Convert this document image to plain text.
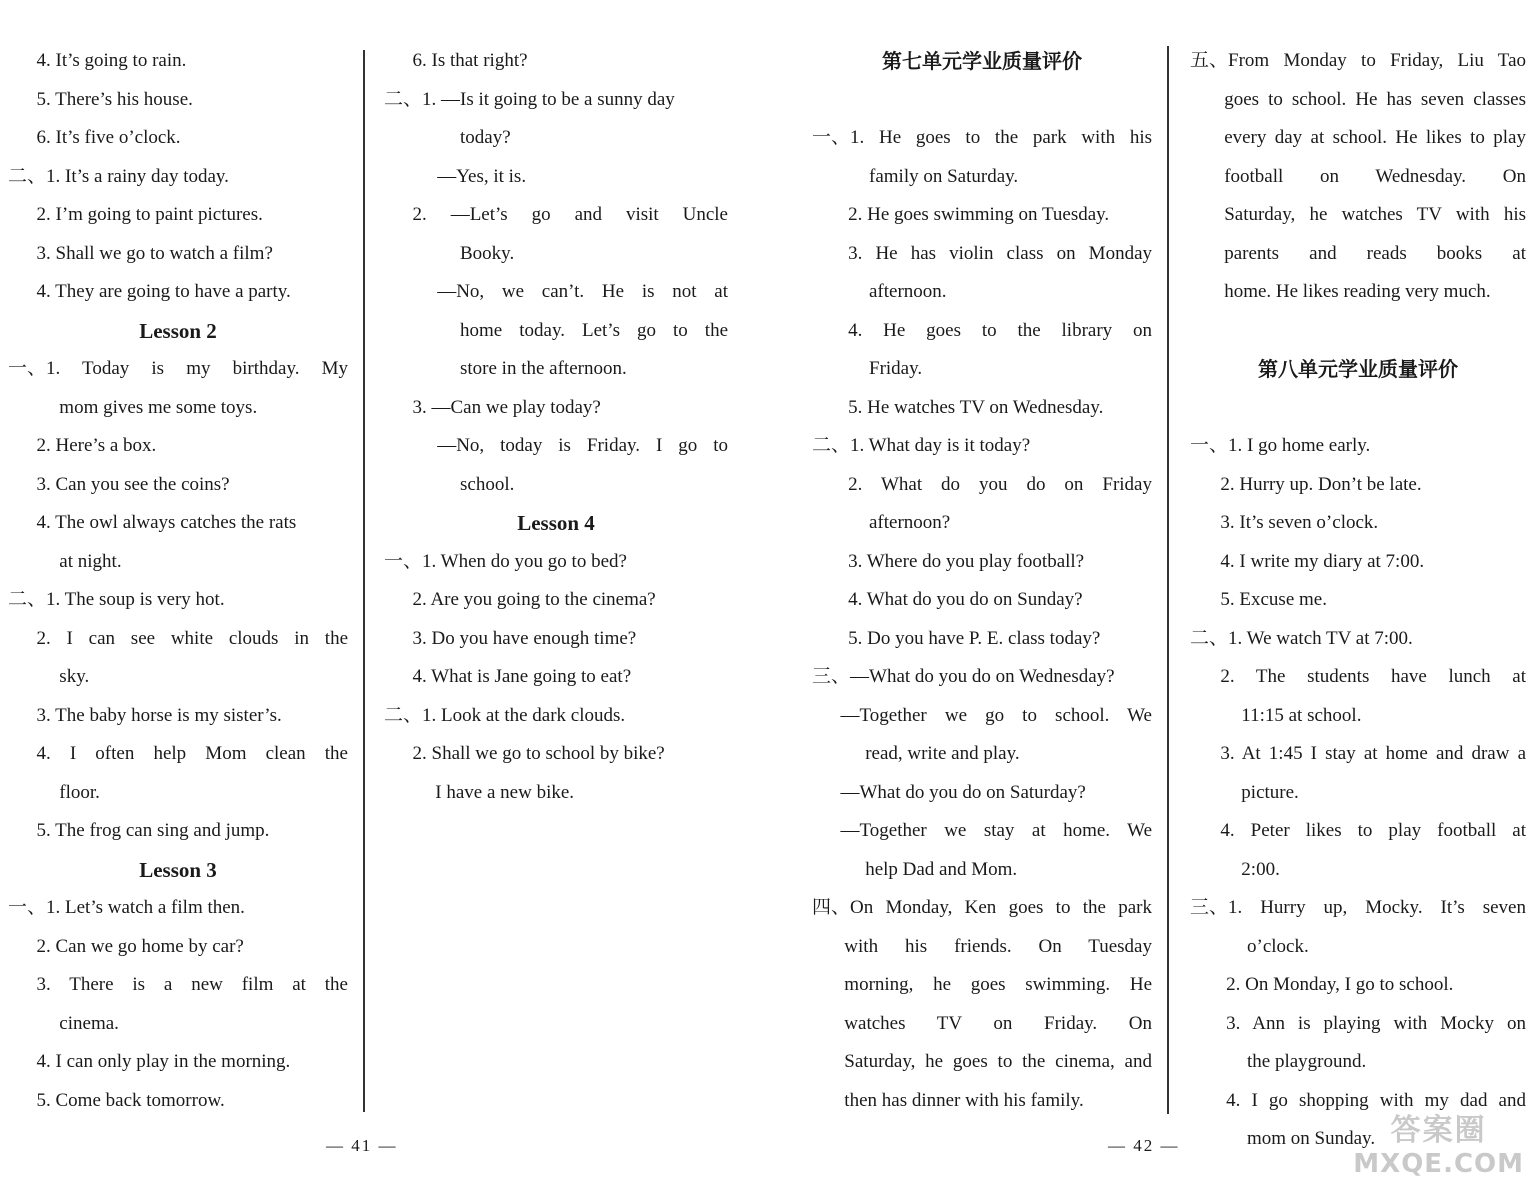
4. It’s going to rain.
5. There’s his house.
6. It’s five o’clock.
二、1. It’s a rainy day today.
2. I’m going to paint pictures.
3. Shall we go to watch a film?
4. They are going to have a party.
Lesson 2
一、1. Today is my birthday. My
mom gives me some toys.
2. Here’s a box.
3. Can you see the coins?
4. The owl always catches the rats
at night.
二、1. The soup is very hot.
2. I can see white clouds in the
sky.
3. The baby horse is my sister’s.
4. I often help Mom clean the
floor.
5. The frog can sing and jump.
Lesson 3
一、1. Let’s watch a film then.
2. Can we go home by car?
3. There is a new film at the
cinema.
4. I can only play in the morning.
5. Come back tomorrow.
6. Is that right?
二、1. —Is it going to be a sunny day
today?
—Yes, it is.
2. —Let’s go and visit Uncle
Booky.
—No, we can’t. He is not at
home today. Let’s go to the
store in the afternoon.
3. —Can we play today?
—No, today is Friday. I go to
school.
Lesson 4
一、1. When do you go to bed?
2. Are you going to the cinema?
3. Do you have enough time?
4. What is Jane going to eat?
二、1. Look at the dark clouds.
2. Shall we go to school by bike?
I have a new bike.
第七单元学业质量评价
一、1. He goes to the park with his
family on Saturday.
2. He goes swimming on Tuesday.
3. He has violin class on Monday
afternoon.
4. He goes to the library on
Friday.
5. He watches TV on Wednesday.
二、1. What day is it today?
2. What do you do on Friday
afternoon?
3. Where do you play football?
4. What do you do on Sunday?
5. Do you have P. E. class today?
三、—What do you do on Wednesday?
—Together we go to school. We
read, write and play.
—What do you do on Saturday?
—Together we stay at home. We
help Dad and Mom.
四、On Monday, Ken goes to the park
with his friends. On Tuesday
morning, he goes swimming. He
watches TV on Friday. On
Saturday, he goes to the cinema, and
then has dinner with his family.
五、From Monday to Friday, Liu Tao
goes to school. He has seven classes
every day at school. He likes to play
football on Wednesday. On
Saturday, he watches TV with his
parents and reads books at
home. He likes reading very much.
第八单元学业质量评价
一、1. I go home early.
2. Hurry up. Don’t be late.
3. It’s seven o’clock.
4. I write my diary at 7:00.
5. Excuse me.
二、1. We watch TV at 7:00.
2. The students have lunch at
11:15 at school.
3. At 1:45 I stay at home and draw a
picture.
4. Peter likes to play football at
2:00.
三、1. Hurry up, Mocky. It’s seven
o’clock.
2. On Monday, I go to school.
3. Ann is playing with Mocky on
the playground.
4. I go shopping with my dad and
mom on Sunday.
— 41 —	— 42 —	答案圈
MXQE.COM
